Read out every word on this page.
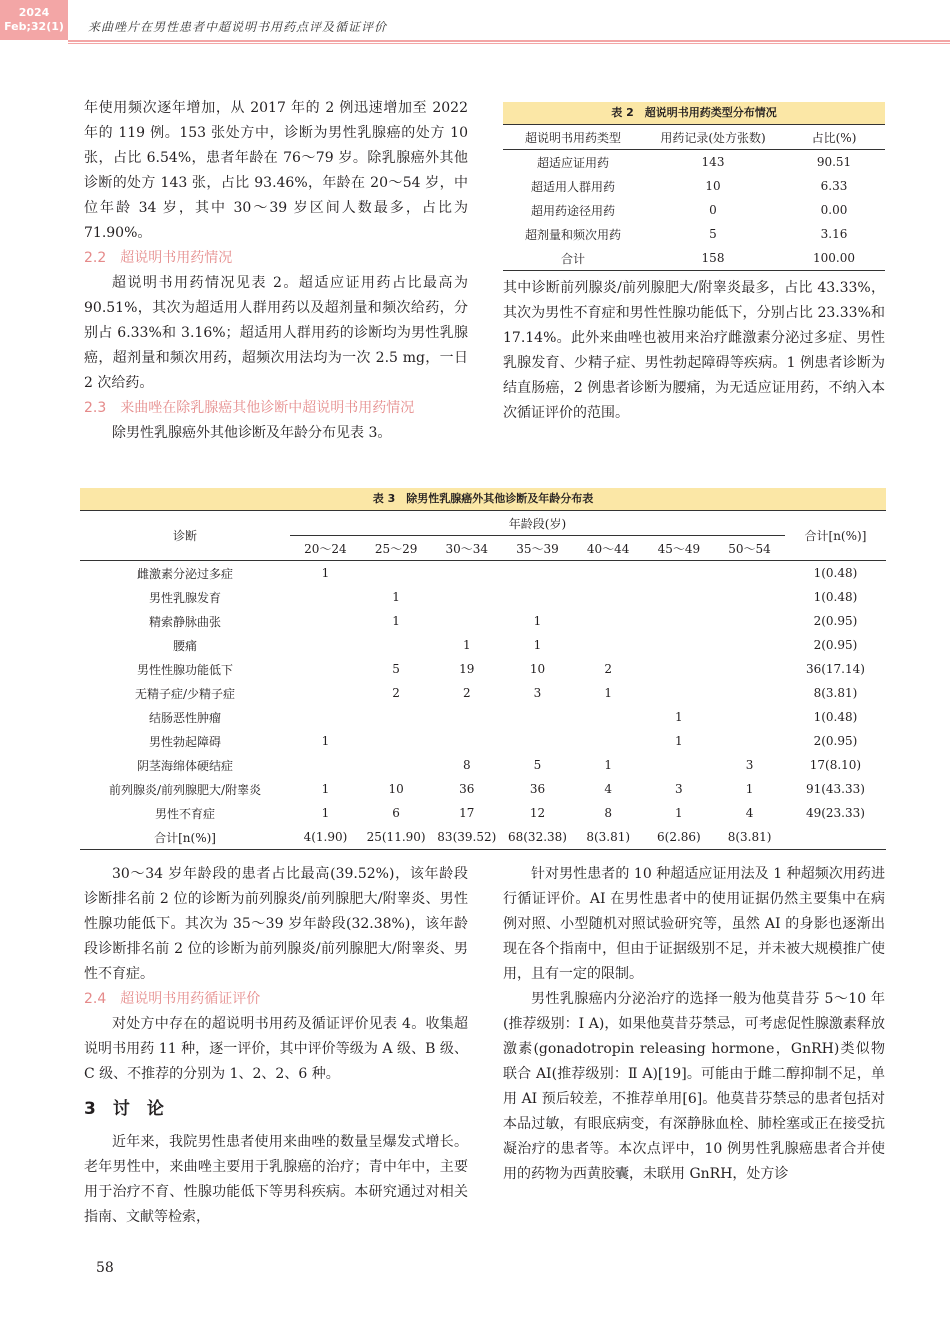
2024
Feb;32(1)	来曲唑片在男性患者中超说明书用药点评及循证评价

年使用频次逐年增加，从 2017 年的 2 例迅速增加至 2022 年的 119 例。153 张处方中，诊断为男性乳腺癌的处方 10 张，占比 6.54%，患者年龄在 76～79 岁。除乳腺癌外其他诊断的处方 143 张，占比 93.46%，年龄在 20～54 岁，中位年龄 34 岁，其中 30～39 岁区间人数最多，占比为 71.90%。

2.2　超说明书用药情况

超说明书用药情况见表 2。超适应证用药占比最高为 90.51%，其次为超适用人群用药以及超剂量和频次给药，分别占 6.33%和 3.16%；超适用人群用药的诊断均为男性乳腺癌，超剂量和频次用药，超频次用法均为一次 2.5 mg，一日 2 次给药。

2.3　来曲唑在除乳腺癌其他诊断中超说明书用药情况

除男性乳腺癌外其他诊断及年龄分布见表 3。

表 2　超说明书用药类型分布情况
超说明书用药类型	用药记录(处方张数)	占比(%)
超适应证用药	143	90.51
超适用人群用药	10	6.33
超用药途径用药	0	0.00
超剂量和频次用药	5	3.16
合计	158	100.00

其中诊断前列腺炎/前列腺肥大/附睾炎最多，占比 43.33%，其次为男性不育症和男性性腺功能低下，分别占比 23.33%和 17.14%。此外来曲唑也被用来治疗雌激素分泌过多症、男性乳腺发育、少精子症、男性勃起障碍等疾病。1 例患者诊断为结直肠癌，2 例患者诊断为腰痛，为无适应证用药，不纳入本次循证评价的范围。

表 3　除男性乳腺癌外其他诊断及年龄分布表
诊断	年龄段(岁)							合计[n(%)]
	20～24	25～29	30～34	35～39	40～44	45～49	50～54	
雌激素分泌过多症	1							1(0.48)
男性乳腺发育		1						1(0.48)
精索静脉曲张		1		1				2(0.95)
腰痛			1	1				2(0.95)
男性性腺功能低下		5	19	10	2			36(17.14)
无精子症/少精子症		2	2	3	1			8(3.81)
结肠恶性肿瘤						1		1(0.48)
男性勃起障碍	1					1		2(0.95)
阴茎海绵体硬结症			8	5	1		3	17(8.10)
前列腺炎/前列腺肥大/附睾炎	1	10	36	36	4	3	1	91(43.33)
男性不育症	1	6	17	12	8	1	4	49(23.33)
合计[n(%)]	4(1.90)	25(11.90)	83(39.52)	68(32.38)	8(3.81)	6(2.86)	8(3.81)	

30～34 岁年龄段的患者占比最高(39.52%)，该年龄段诊断排名前 2 位的诊断为前列腺炎/前列腺肥大/附睾炎、男性性腺功能低下。其次为 35～39 岁年龄段(32.38%)，该年龄段诊断排名前 2 位的诊断为前列腺炎/前列腺肥大/附睾炎、男性不育症。

2.4　超说明书用药循证评价

对处方中存在的超说明书用药及循证评价见表 4。收集超说明书用药 11 种，逐一评价，其中评价等级为 A 级、B 级、C 级、不推荐的分别为 1、2、2、6 种。

3　讨　论

近年来，我院男性患者使用来曲唑的数量呈爆发式增长。老年男性中，来曲唑主要用于乳腺癌的治疗；青中年中，主要用于治疗不育、性腺功能低下等男科疾病。本研究通过对相关指南、文献等检索，

针对男性患者的 10 种超适应证用法及 1 种超频次用药进行循证评价。AI 在男性患者中的使用证据仍然主要集中在病例对照、小型随机对照试验研究等，虽然 AI 的身影也逐渐出现在各个指南中，但由于证据级别不足，并未被大规模推广使用，且有一定的限制。

男性乳腺癌内分泌治疗的选择一般为他莫昔芬 5～10 年(推荐级别：Ⅰ A)，如果他莫昔芬禁忌，可考虑促性腺激素释放激素(gonadotropin releasing hormone，GnRH)类似物联合 AI(推荐级别：Ⅱ A)[19]。可能由于雌二醇抑制不足，单用 AI 预后较差，不推荐单用[6]。他莫昔芬禁忌的患者包括对本品过敏，有眼底病变，有深静脉血栓、肺栓塞或正在接受抗凝治疗的患者等。本次点评中，10 例男性乳腺癌患者合并使用的药物为西黄胶囊，未联用 GnRH，处方诊

58
